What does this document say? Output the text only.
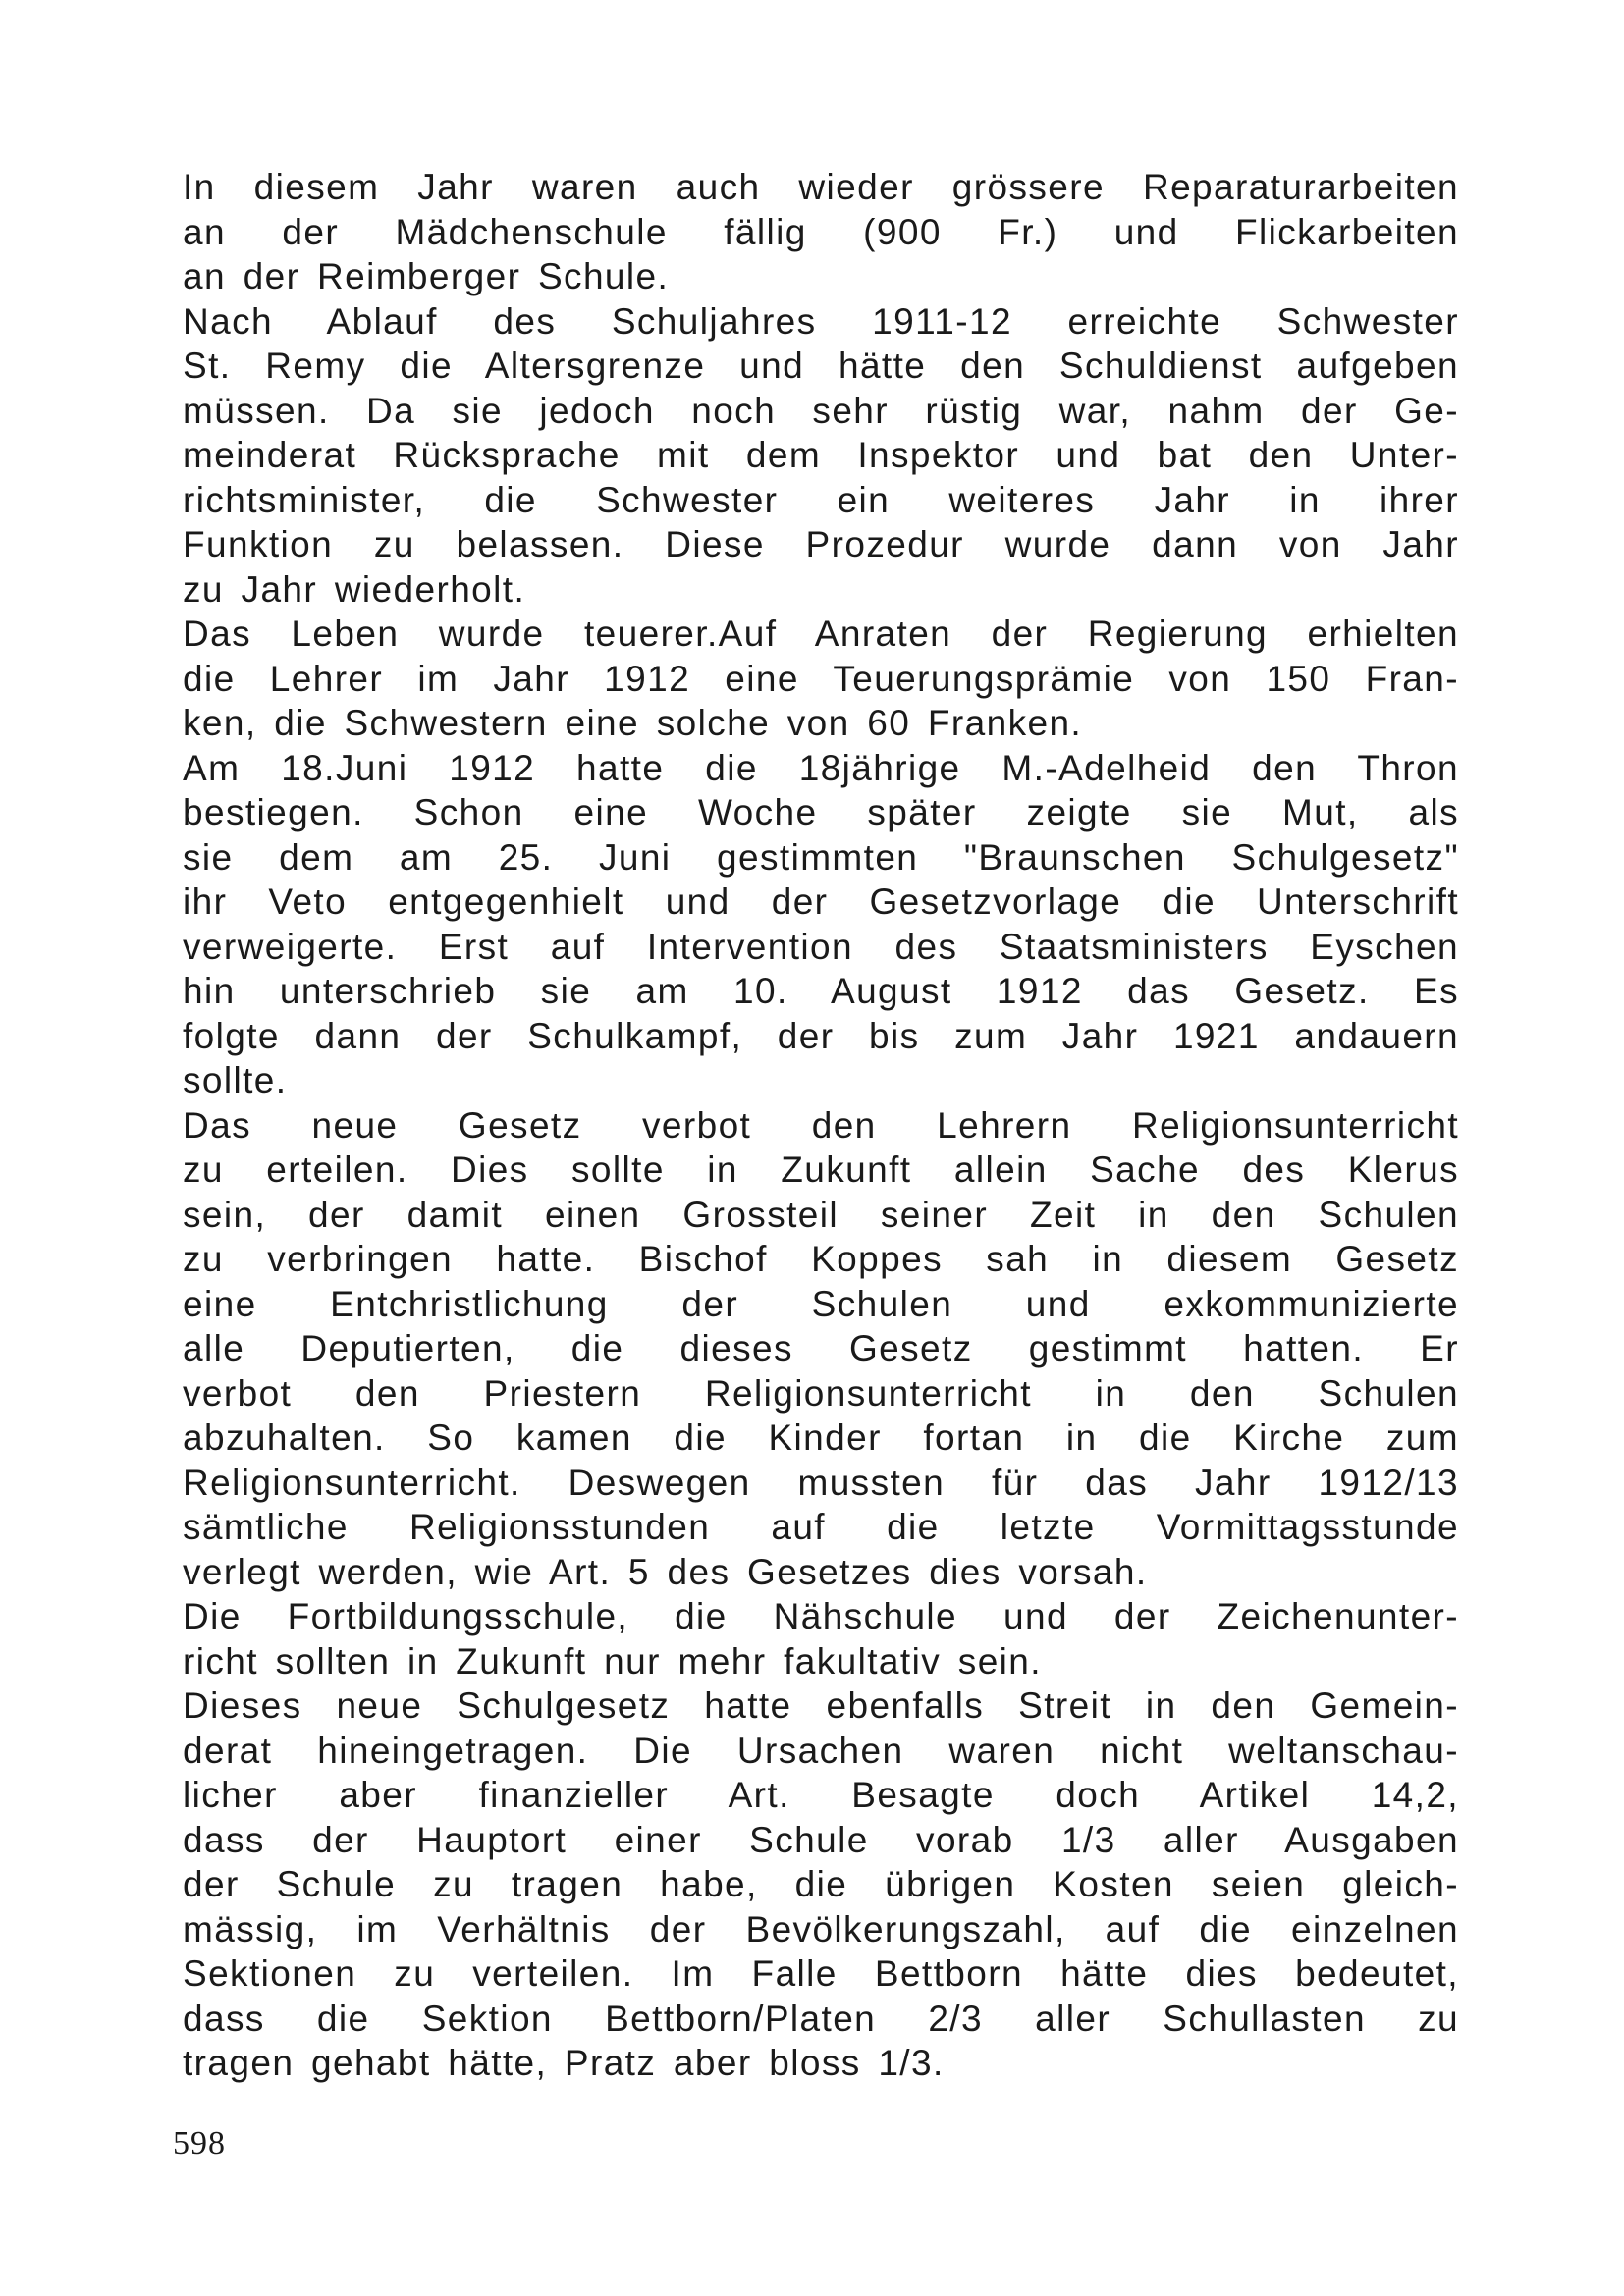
In diesem Jahr waren auch wieder grössere Reparaturarbeiten
an der Mädchenschule fällig (900 Fr.) und Flickarbeiten
an der Reimberger Schule.

Nach Ablauf des Schuljahres 1911-12 erreichte Schwester
St. Remy die Altersgrenze und hätte den Schuldienst aufgeben
müssen. Da sie jedoch noch sehr rüstig war, nahm der Ge-
meinderat Rücksprache mit dem Inspektor und bat den Unter-
richtsminister, die Schwester ein weiteres Jahr in ihrer
Funktion zu belassen. Diese Prozedur wurde dann von Jahr
zu Jahr wiederholt.

Das Leben wurde teuerer.Auf Anraten der Regierung erhielten
die Lehrer im Jahr 1912 eine Teuerungsprämie von 150 Fran-
ken, die Schwestern eine solche von 60 Franken.

Am 18.Juni 1912 hatte die 18jährige M.-Adelheid den Thron
bestiegen. Schon eine Woche später zeigte sie Mut, als
sie dem am 25. Juni gestimmten "Braunschen Schulgesetz"
ihr Veto entgegenhielt und der Gesetzvorlage die Unterschrift
verweigerte. Erst auf Intervention des Staatsministers Eyschen
hin unterschrieb sie am 10. August 1912 das Gesetz. Es
folgte dann der Schulkampf, der bis zum Jahr 1921 andauern
sollte.

Das neue Gesetz verbot den Lehrern Religionsunterricht
zu erteilen. Dies sollte in Zukunft allein Sache des Klerus
sein, der damit einen Grossteil seiner Zeit in den Schulen
zu verbringen hatte. Bischof Koppes sah in diesem Gesetz
eine Entchristlichung der Schulen und exkommunizierte
alle Deputierten, die dieses Gesetz gestimmt hatten. Er
verbot den Priestern Religionsunterricht in den Schulen
abzuhalten. So kamen die Kinder fortan in die Kirche zum
Religionsunterricht. Deswegen mussten für das Jahr 1912/13
sämtliche Religionsstunden auf die letzte Vormittagsstunde
verlegt werden, wie Art. 5 des Gesetzes dies vorsah.

Die Fortbildungsschule, die Nähschule und der Zeichenunter-
richt sollten in Zukunft nur mehr fakultativ sein.

Dieses neue Schulgesetz hatte ebenfalls Streit in den Gemein-
derat hineingetragen. Die Ursachen waren nicht weltanschau-
licher aber finanzieller Art. Besagte doch Artikel 14,2,
dass der Hauptort einer Schule vorab 1/3 aller Ausgaben
der Schule zu tragen habe, die übrigen Kosten seien gleich-
mässig, im Verhältnis der Bevölkerungszahl, auf die einzelnen
Sektionen zu verteilen. Im Falle Bettborn hätte dies bedeutet,
dass die Sektion Bettborn/Platen 2/3 aller Schullasten zu
tragen gehabt hätte, Pratz aber bloss 1/3.

598
